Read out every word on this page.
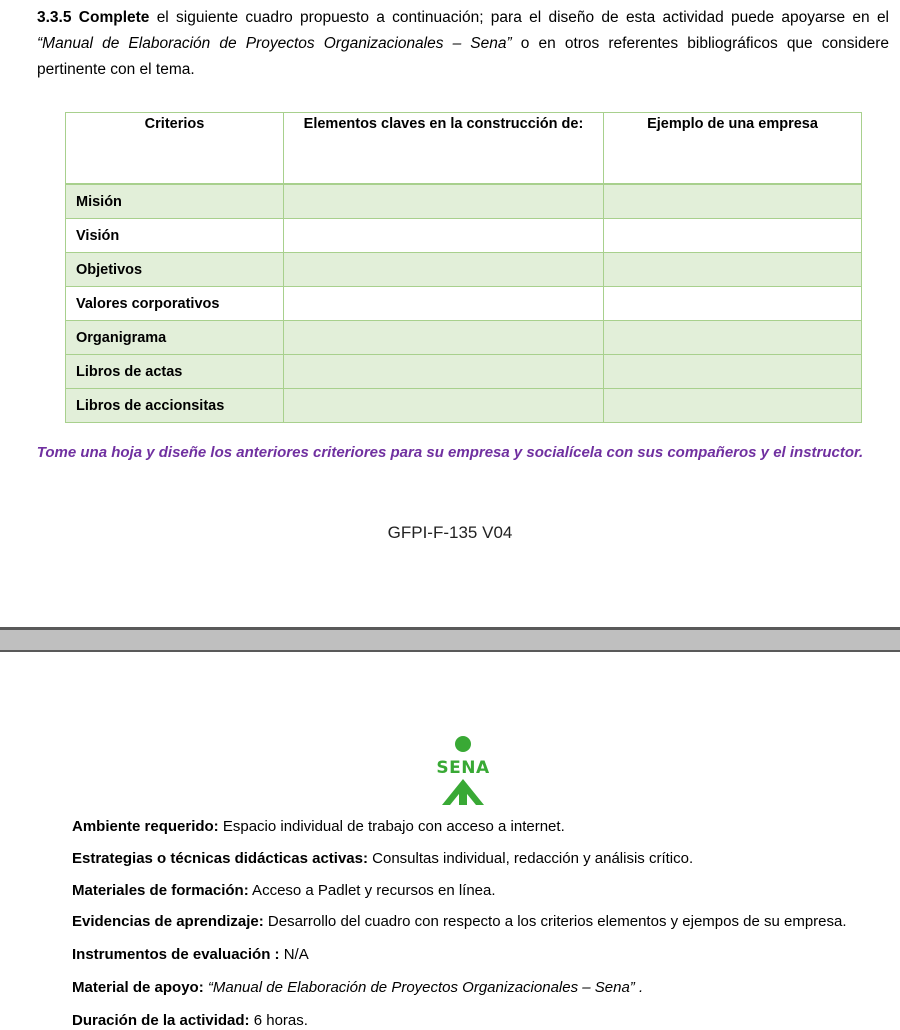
3.3.5 Complete el siguiente cuadro propuesto a continuación; para el diseño de esta actividad puede apoyarse en el “Manual de Elaboración de Proyectos Organizacionales – Sena” o en otros referentes bibliográficos que considere pertinente con el tema.
Criterios	Elementos claves en la construcción de:	Ejemplo de una empresa
Misión		
Visión		
Objetivos		
Valores corporativos		
Organigrama		
Libros de actas		
Libros de accionsitas		
Tome una hoja y diseñe los anteriores criteriores para su empresa y socialícela con sus compañeros y el instructor.
GFPI-F-135 V04
SENA
Ambiente requerido: Espacio individual de trabajo con acceso a internet.
Estrategias o técnicas didácticas activas: Consultas individual, redacción y análisis crítico.
Materiales de formación: Acceso a Padlet y recursos en línea.
Evidencias de aprendizaje: Desarrollo del cuadro con respecto a los criterios elementos y ejempos de su empresa.
Instrumentos de evaluación : N/A
Material de apoyo: “Manual de Elaboración de Proyectos Organizacionales – Sena” .
Duración de la actividad: 6 horas.
